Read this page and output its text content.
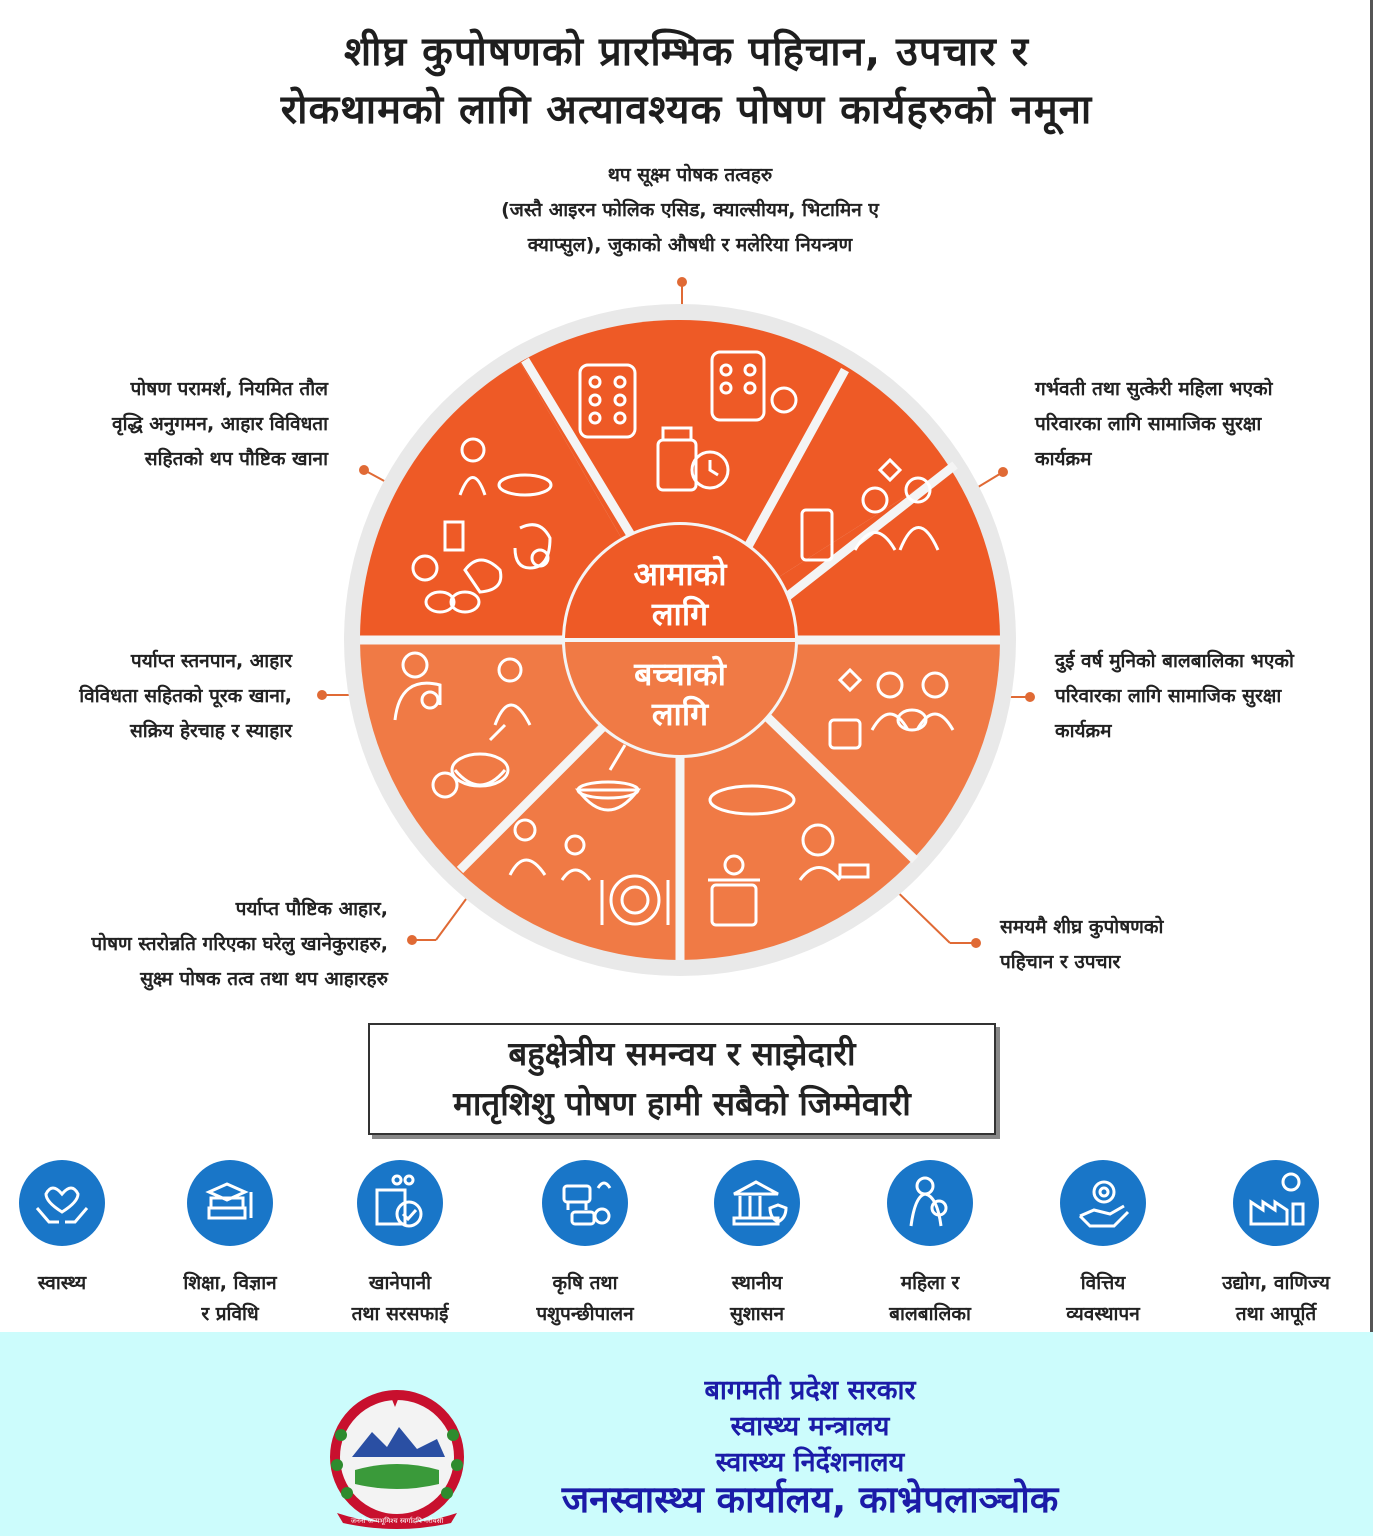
शीघ्र कुपोषणको प्रारम्भिक पहिचान, उपचार र
रोकथामको लागि अत्यावश्यक पोषण कार्यहरुको नमूना
थप सूक्ष्म पोषक तत्वहरु
(जस्तै आइरन फोलिक एसिड, क्याल्सीयम, भिटामिन ए
क्याप्सुल), जुकाको औषधी र मलेरिया नियन्त्रण
पोषण परामर्श, नियमित तौल
वृद्धि अनुगमन, आहार विविधता
सहितको थप पौष्टिक खाना
गर्भवती तथा सुत्केरी महिला भएको
परिवारका लागि सामाजिक सुरक्षा
कार्यक्रम
पर्याप्त स्तनपान, आहार
विविधता सहितको पूरक खाना,
सक्रिय हेरचाह र स्याहार
दुई वर्ष मुनिको बालबालिका भएको
परिवारका लागि सामाजिक सुरक्षा
कार्यक्रम
पर्याप्त पौष्टिक आहार,
पोषण स्तरोन्नति गरिएका घरेलु खानेकुराहरु,
सुक्ष्म पोषक तत्व तथा थप आहारहरु
समयमै शीघ्र कुपोषणको
पहिचान र उपचार
आमाको
लागि
बच्चाको
लागि
बहुक्षेत्रीय समन्वय र साझेदारी
मातृशिशु पोषण हामी सबैको जिम्मेवारी
स्वास्थ्य	शिक्षा, विज्ञान
र प्रविधि
खानेपानी
तथा सरसफाई
कृषि तथा
पशुपन्छीपालन
स्थानीय
सुशासन
महिला र
बालबालिका
वित्तिय
व्यवस्थापन
उद्योग, वाणिज्य
तथा आपूर्ति
बागमती प्रदेश सरकार
स्वास्थ्य मन्त्रालय
स्वास्थ्य निर्देशनालय
जनस्वास्थ्य कार्यालय, काभ्रेपलाञ्चोक
जननी जन्मभूमिश्च स्वर्गादपि गरीयसी
